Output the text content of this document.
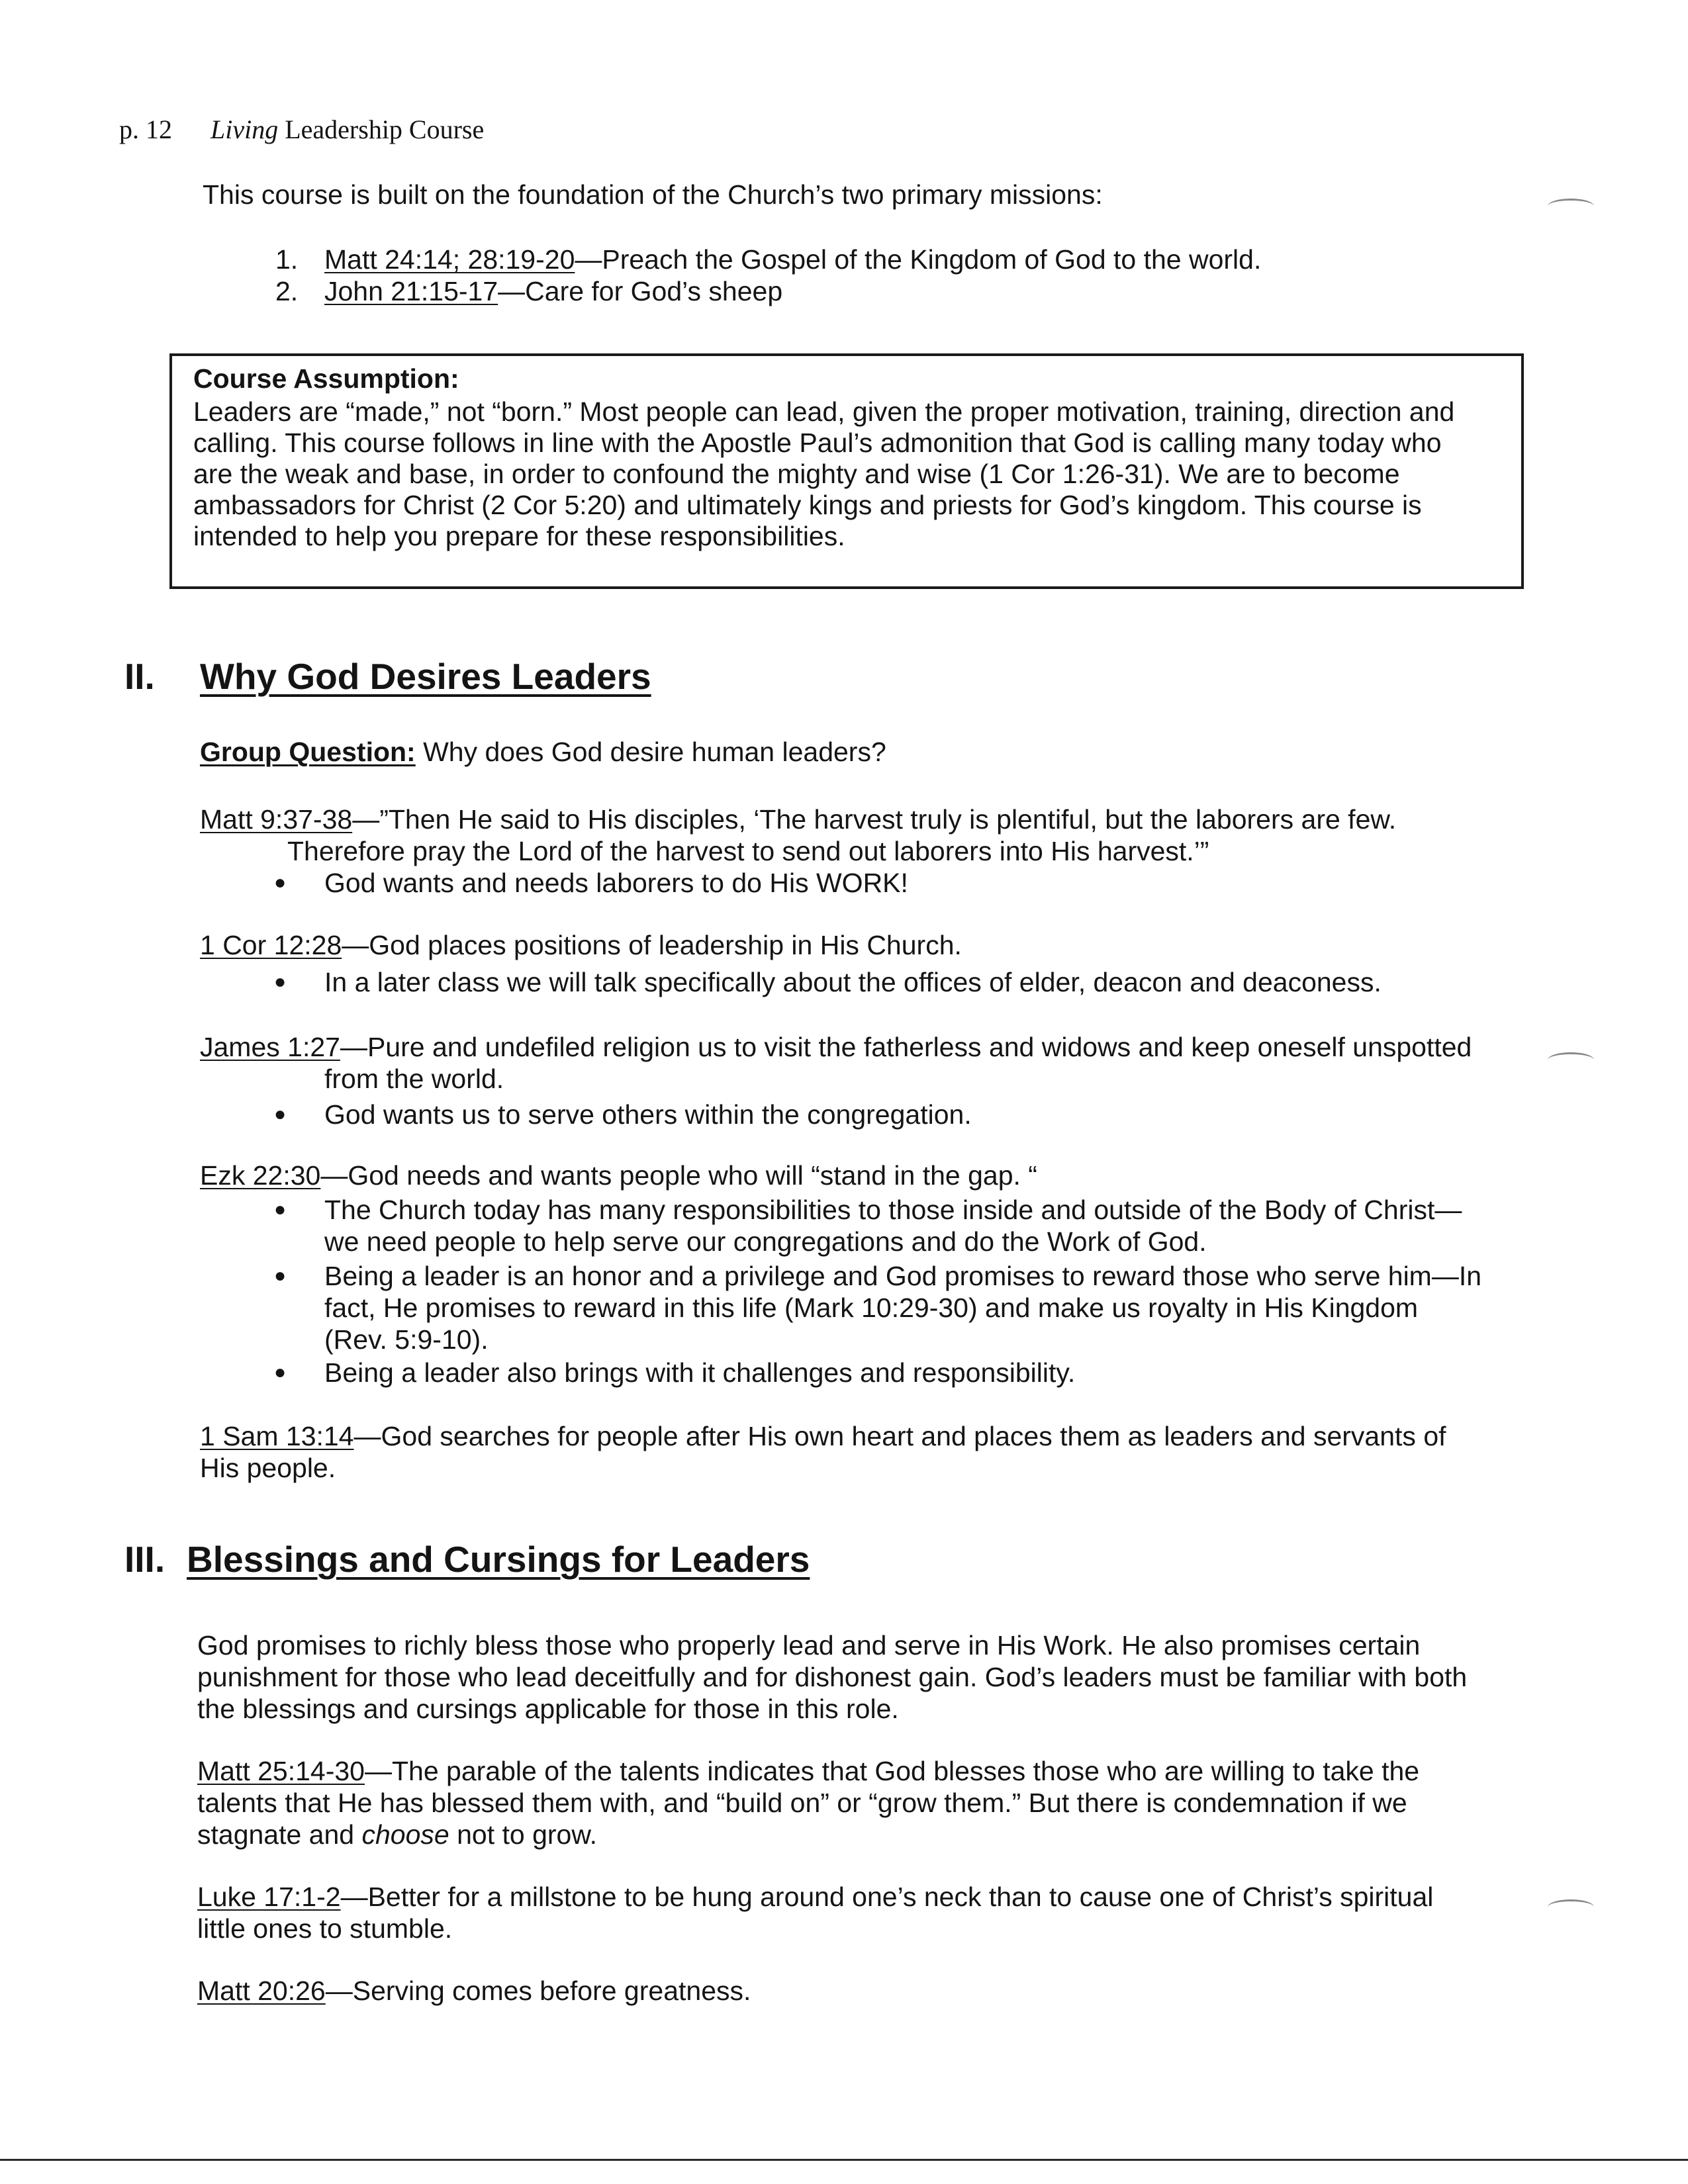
p. 12 Living Leadership Course
This course is built on the foundation of the Church’s two primary missions:
1. Matt 24:14; 28:19-20—Preach the Gospel of the Kingdom of God to the world.
2. John 21:15-17—Care for God’s sheep
Course Assumption:
Leaders are “made,” not “born.” Most people can lead, given the proper motivation, training, direction and
calling. This course follows in line with the Apostle Paul’s admonition that God is calling many today who
are the weak and base, in order to confound the mighty and wise (1 Cor 1:26-31). We are to become
ambassadors for Christ (2 Cor 5:20) and ultimately kings and priests for God’s kingdom. This course is
intended to help you prepare for these responsibilities.
II. Why God Desires Leaders
Group Question: Why does God desire human leaders?
Matt 9:37-38—”Then He said to His disciples, ‘The harvest truly is plentiful, but the laborers are few.
Therefore pray the Lord of the harvest to send out laborers into His harvest.’”
● God wants and needs laborers to do His WORK!
1 Cor 12:28—God places positions of leadership in His Church.
● In a later class we will talk specifically about the offices of elder, deacon and deaconess.
James 1:27—Pure and undefiled religion us to visit the fatherless and widows and keep oneself unspotted
from the world.
● God wants us to serve others within the congregation.
Ezk 22:30—God needs and wants people who will “stand in the gap. “
● The Church today has many responsibilities to those inside and outside of the Body of Christ—
we need people to help serve our congregations and do the Work of God.
● Being a leader is an honor and a privilege and God promises to reward those who serve him—In
fact, He promises to reward in this life (Mark 10:29-30) and make us royalty in His Kingdom
(Rev. 5:9-10).
● Being a leader also brings with it challenges and responsibility.
1 Sam 13:14—God searches for people after His own heart and places them as leaders and servants of
His people.
III. Blessings and Cursings for Leaders
God promises to richly bless those who properly lead and serve in His Work. He also promises certain
punishment for those who lead deceitfully and for dishonest gain. God’s leaders must be familiar with both
the blessings and cursings applicable for those in this role.
Matt 25:14-30—The parable of the talents indicates that God blesses those who are willing to take the
talents that He has blessed them with, and “build on” or “grow them.” But there is condemnation if we
stagnate and choose not to grow.
Luke 17:1-2—Better for a millstone to be hung around one’s neck than to cause one of Christ’s spiritual
little ones to stumble.
Matt 20:26—Serving comes before greatness.
